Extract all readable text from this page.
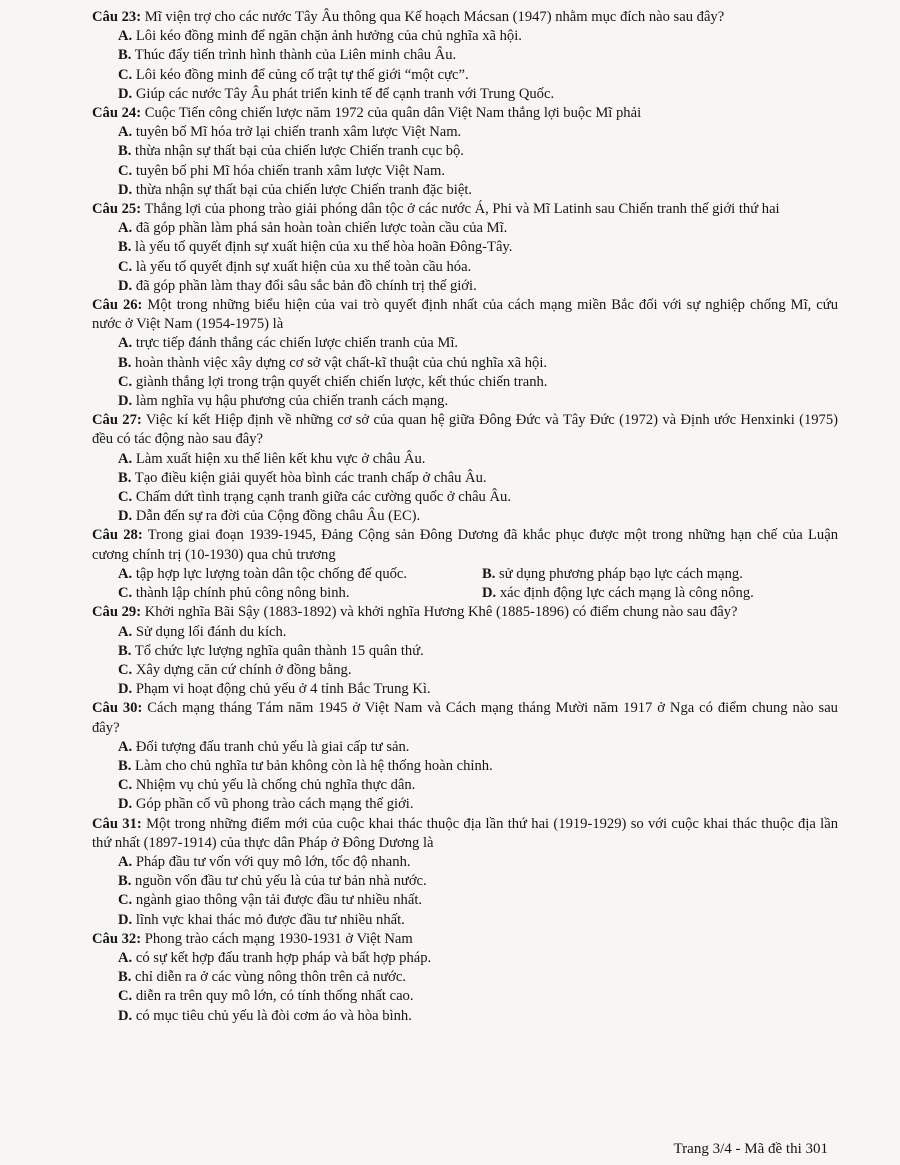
Câu 23: Mĩ viện trợ cho các nước Tây Âu thông qua Kế hoạch Mácsan (1947) nhằm mục đích nào sau đây?

A. Lôi kéo đồng minh để ngăn chặn ảnh hưởng của chủ nghĩa xã hội.

B. Thúc đẩy tiến trình hình thành của Liên minh châu Âu.

C. Lôi kéo đồng minh để củng cố trật tự thế giới “một cực”.

D. Giúp các nước Tây Âu phát triển kinh tế để cạnh tranh với Trung Quốc.

Câu 24: Cuộc Tiến công chiến lược năm 1972 của quân dân Việt Nam thắng lợi buộc Mĩ phải

A. tuyên bố Mĩ hóa trở lại chiến tranh xâm lược Việt Nam.

B. thừa nhận sự thất bại của chiến lược Chiến tranh cục bộ.

C. tuyên bố phi Mĩ hóa chiến tranh xâm lược Việt Nam.

D. thừa nhận sự thất bại của chiến lược Chiến tranh đặc biệt.

Câu 25: Thắng lợi của phong trào giải phóng dân tộc ở các nước Á, Phi và Mĩ Latinh sau Chiến tranh thế giới thứ hai

A. đã góp phần làm phá sản hoàn toàn chiến lược toàn cầu của Mĩ.

B. là yếu tố quyết định sự xuất hiện của xu thế hòa hoãn Đông-Tây.

C. là yếu tố quyết định sự xuất hiện của xu thế toàn cầu hóa.

D. đã góp phần làm thay đổi sâu sắc bản đồ chính trị thế giới.

Câu 26: Một trong những biểu hiện của vai trò quyết định nhất của cách mạng miền Bắc đối với sự nghiệp chống Mĩ, cứu nước ở Việt Nam (1954-1975) là

A. trực tiếp đánh thắng các chiến lược chiến tranh của Mĩ.

B. hoàn thành việc xây dựng cơ sở vật chất-kĩ thuật của chủ nghĩa xã hội.

C. giành thắng lợi trong trận quyết chiến chiến lược, kết thúc chiến tranh.

D. làm nghĩa vụ hậu phương của chiến tranh cách mạng.

Câu 27: Việc kí kết Hiệp định về những cơ sở của quan hệ giữa Đông Đức và Tây Đức (1972) và Định ước Henxinki (1975) đều có tác động nào sau đây?

A. Làm xuất hiện xu thế liên kết khu vực ở châu Âu.

B. Tạo điều kiện giải quyết hòa bình các tranh chấp ở châu Âu.

C. Chấm dứt tình trạng cạnh tranh giữa các cường quốc ở châu Âu.

D. Dẫn đến sự ra đời của Cộng đồng châu Âu (EC).

Câu 28: Trong giai đoạn 1939-1945, Đảng Cộng sản Đông Dương đã khắc phục được một trong những hạn chế của Luận cương chính trị (10-1930) qua chủ trương

A. tập hợp lực lượng toàn dân tộc chống đế quốc.	B. sử dụng phương pháp bạo lực cách mạng.
C. thành lập chính phủ công nông binh.	D. xác định động lực cách mạng là công nông.

Câu 29: Khởi nghĩa Bãi Sậy (1883-1892) và khởi nghĩa Hương Khê (1885-1896) có điểm chung nào sau đây?

A. Sử dụng lối đánh du kích.

B. Tổ chức lực lượng nghĩa quân thành 15 quân thứ.

C. Xây dựng căn cứ chính ở đồng bằng.

D. Phạm vi hoạt động chủ yếu ở 4 tỉnh Bắc Trung Kì.

Câu 30: Cách mạng tháng Tám năm 1945 ở Việt Nam và Cách mạng tháng Mười năm 1917 ở Nga có điểm chung nào sau đây?

A. Đối tượng đấu tranh chủ yếu là giai cấp tư sản.

B. Làm cho chủ nghĩa tư bản không còn là hệ thống hoàn chỉnh.

C. Nhiệm vụ chủ yếu là chống chủ nghĩa thực dân.

D. Góp phần cổ vũ phong trào cách mạng thế giới.

Câu 31: Một trong những điểm mới của cuộc khai thác thuộc địa lần thứ hai (1919-1929) so với cuộc khai thác thuộc địa lần thứ nhất (1897-1914) của thực dân Pháp ở Đông Dương là

A. Pháp đầu tư vốn với quy mô lớn, tốc độ nhanh.

B. nguồn vốn đầu tư chủ yếu là của tư bản nhà nước.

C. ngành giao thông vận tải được đầu tư nhiều nhất.

D. lĩnh vực khai thác mỏ được đầu tư nhiều nhất.

Câu 32: Phong trào cách mạng 1930-1931 ở Việt Nam

A. có sự kết hợp đấu tranh hợp pháp và bất hợp pháp.

B. chỉ diễn ra ở các vùng nông thôn trên cả nước.

C. diễn ra trên quy mô lớn, có tính thống nhất cao.

D. có mục tiêu chủ yếu là đòi cơm áo và hòa bình.

Trang 3/4 - Mã đề thi 301
